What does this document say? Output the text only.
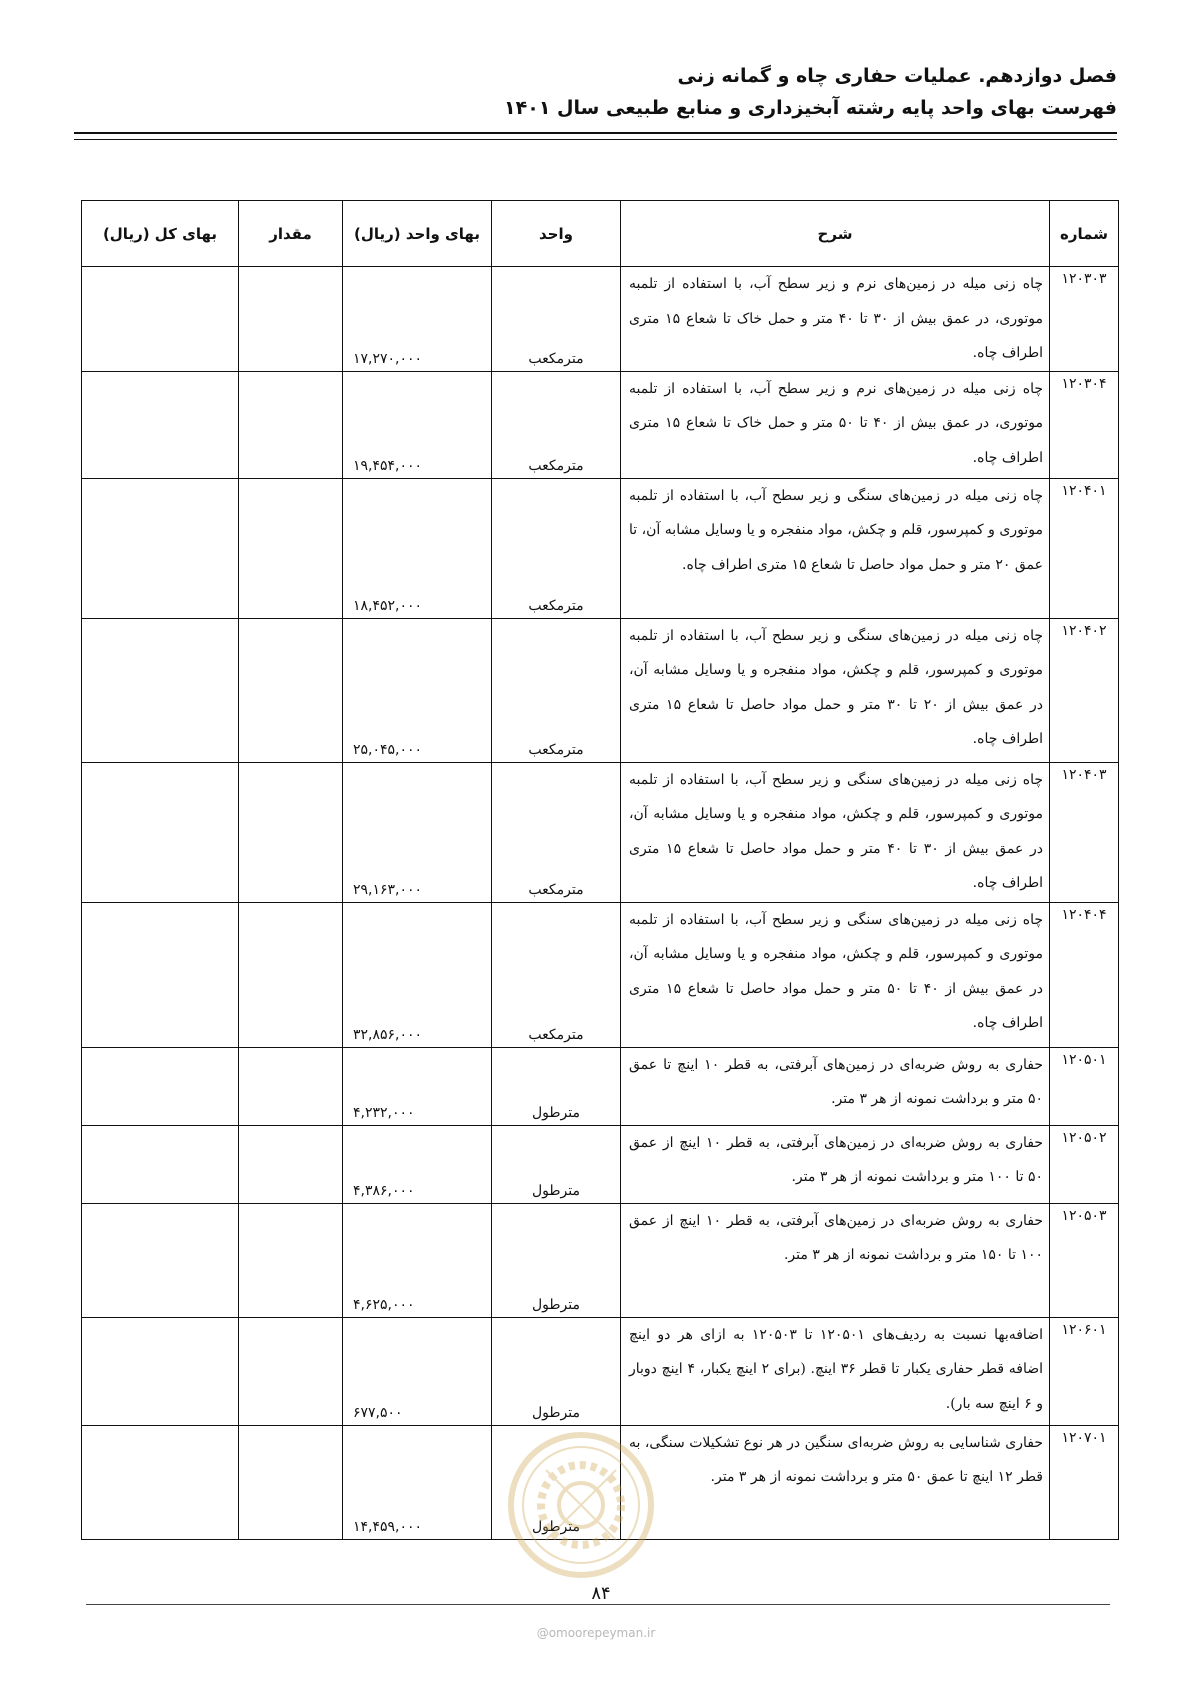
فصل دوازدهم. عملیات حفاری چاه و گمانه زنی
فهرست بهای واحد پایه رشته آبخیزداری و منابع طبیعی سال ۱۴۰۱
شماره	شرح	واحد	بهای واحد (ریال)	مقدار	بهای کل (ریال)
۱۲۰۳۰۳	چاه زنی میله در زمین‌های نرم و زیر سطح آب، با استفاده از تلمبه موتوری، در عمق بیش از ۳۰ تا ۴۰ متر و حمل خاک تا شعاع ۱۵ متری اطراف چاه.	مترمکعب	۱۷,۲۷۰,۰۰۰		
۱۲۰۳۰۴	چاه زنی میله در زمین‌های نرم و زیر سطح آب، با استفاده از تلمبه موتوری، در عمق بیش از ۴۰ تا ۵۰ متر و حمل خاک تا شعاع ۱۵ متری اطراف چاه.	مترمکعب	۱۹,۴۵۴,۰۰۰		
۱۲۰۴۰۱	چاه زنی میله در زمین‌های سنگی و زیر سطح آب، با استفاده از تلمبه موتوری و کمپرسور، قلم و چکش، مواد منفجره و یا وسایل مشابه آن، تا عمق ۲۰ متر و حمل مواد حاصل تا شعاع ۱۵ متری اطراف چاه.	مترمکعب	۱۸,۴۵۲,۰۰۰		
۱۲۰۴۰۲	چاه زنی میله در زمین‌های سنگی و زیر سطح آب، با استفاده از تلمبه موتوری و کمپرسور، قلم و چکش، مواد منفجره و یا وسایل مشابه آن، در عمق بیش از ۲۰ تا ۳۰ متر و حمل مواد حاصل تا شعاع ۱۵ متری اطراف چاه.	مترمکعب	۲۵,۰۴۵,۰۰۰		
۱۲۰۴۰۳	چاه زنی میله در زمین‌های سنگی و زیر سطح آب، با استفاده از تلمبه موتوری و کمپرسور، قلم و چکش، مواد منفجره و یا وسایل مشابه آن، در عمق بیش از ۳۰ تا ۴۰ متر و حمل مواد حاصل تا شعاع ۱۵ متری اطراف چاه.	مترمکعب	۲۹,۱۶۳,۰۰۰		
۱۲۰۴۰۴	چاه زنی میله در زمین‌های سنگی و زیر سطح آب، با استفاده از تلمبه موتوری و کمپرسور، قلم و چکش، مواد منفجره و یا وسایل مشابه آن، در عمق بیش از ۴۰ تا ۵۰ متر و حمل مواد حاصل تا شعاع ۱۵ متری اطراف چاه.	مترمکعب	۳۲,۸۵۶,۰۰۰		
۱۲۰۵۰۱	حفاری به روش ضربه‌ای در زمین‌های آبرفتی، به قطر ۱۰ اینچ تا عمق ۵۰ متر و برداشت نمونه از هر ۳ متر.	مترطول	۴,۲۳۲,۰۰۰		
۱۲۰۵۰۲	حفاری به روش ضربه‌ای در زمین‌های آبرفتی، به قطر ۱۰ اینچ از عمق ۵۰ تا ۱۰۰ متر و برداشت نمونه از هر ۳ متر.	مترطول	۴,۳۸۶,۰۰۰		
۱۲۰۵۰۳	حفاری به روش ضربه‌ای در زمین‌های آبرفتی، به قطر ۱۰ اینچ از عمق ۱۰۰ تا ۱۵۰ متر و برداشت نمونه از هر ۳ متر.	مترطول	۴,۶۲۵,۰۰۰		
۱۲۰۶۰۱	اضافه‌بها نسبت به ردیف‌های ۱۲۰۵۰۱ تا ۱۲۰۵۰۳ به ازای هر دو اینچ اضافه قطر حفاری یکبار تا قطر ۳۶ اینچ. (برای ۲ اینچ یکبار، ۴ اینچ دوبار و ۶ اینچ سه بار).	مترطول	۶۷۷,۵۰۰		
۱۲۰۷۰۱	حفاری شناسایی به روش ضربه‌ای سنگین در هر نوع تشکیلات سنگی، به قطر ۱۲ اینچ تا عمق ۵۰ متر و برداشت نمونه از هر ۳ متر.	مترطول	۱۴,۴۵۹,۰۰۰		
۸۴
@omoorepeyman.ir
